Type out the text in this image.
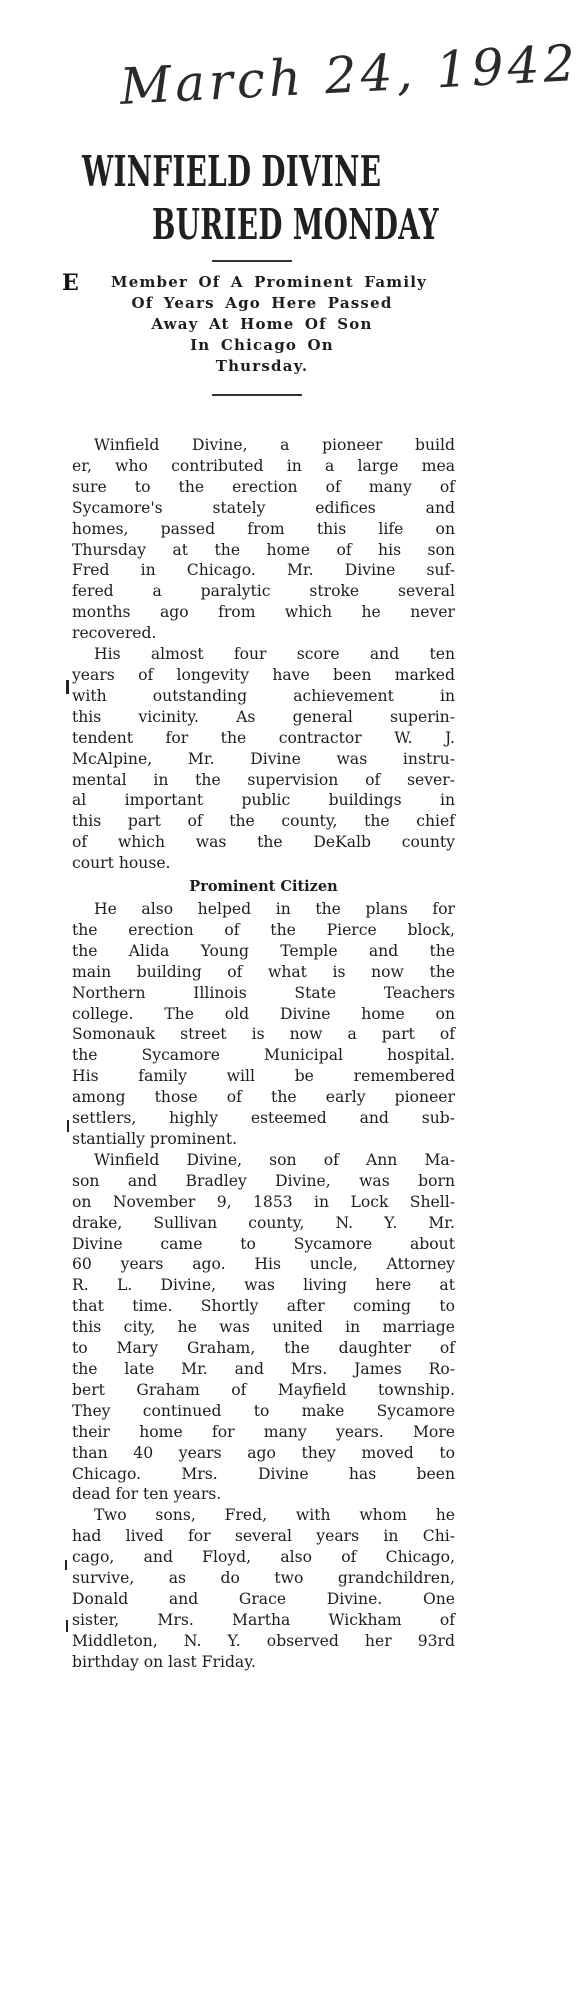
March 24, 1942
WINFIELD DIVINE
BURIED MONDAY
E	Member Of A Prominent Family
Of Years Ago Here Passed
Away At Home Of Son
In Chicago On
Thursday.

Winfield Divine, a pioneer build
er, who contributed in a large mea
sure to the erection of many of
Sycamore's stately edifices and
homes, passed from this life on
Thursday at the home of his son
Fred in Chicago. Mr. Divine suf-
fered a paralytic stroke several
months ago from which he never
recovered.

His almost four score and ten
years of longevity have been marked
with outstanding achievement in
this vicinity. As general superin-
tendent for the contractor W. J.
McAlpine, Mr. Divine was instru-
mental in the supervision of sever-
al important public buildings in
this part of the county, the chief
of which was the DeKalb county
court house.

Prominent Citizen

He also helped in the plans for
the erection of the Pierce block,
the Alida Young Temple and the
main building of what is now the
Northern Illinois State Teachers
college. The old Divine home on
Somonauk street is now a part of
the Sycamore Municipal hospital.
His family will be remembered
among those of the early pioneer
settlers, highly esteemed and sub-
stantially prominent.

Winfield Divine, son of Ann Ma-
son and Bradley Divine, was born
on November 9, 1853 in Lock Shell-
drake, Sullivan county, N. Y. Mr.
Divine came to Sycamore about
60 years ago. His uncle, Attorney
R. L. Divine, was living here at
that time. Shortly after coming to
this city, he was united in marriage
to Mary Graham, the daughter of
the late Mr. and Mrs. James Ro-
bert Graham of Mayfield township.
They continued to make Sycamore
their home for many years. More
than 40 years ago they moved to
Chicago. Mrs. Divine has been
dead for ten years.

Two sons, Fred, with whom he
had lived for several years in Chi-
cago, and Floyd, also of Chicago,
survive, as do two grandchildren,
Donald and Grace Divine. One
sister, Mrs. Martha Wickham of
Middleton, N. Y. observed her 93rd
birthday on last Friday.
